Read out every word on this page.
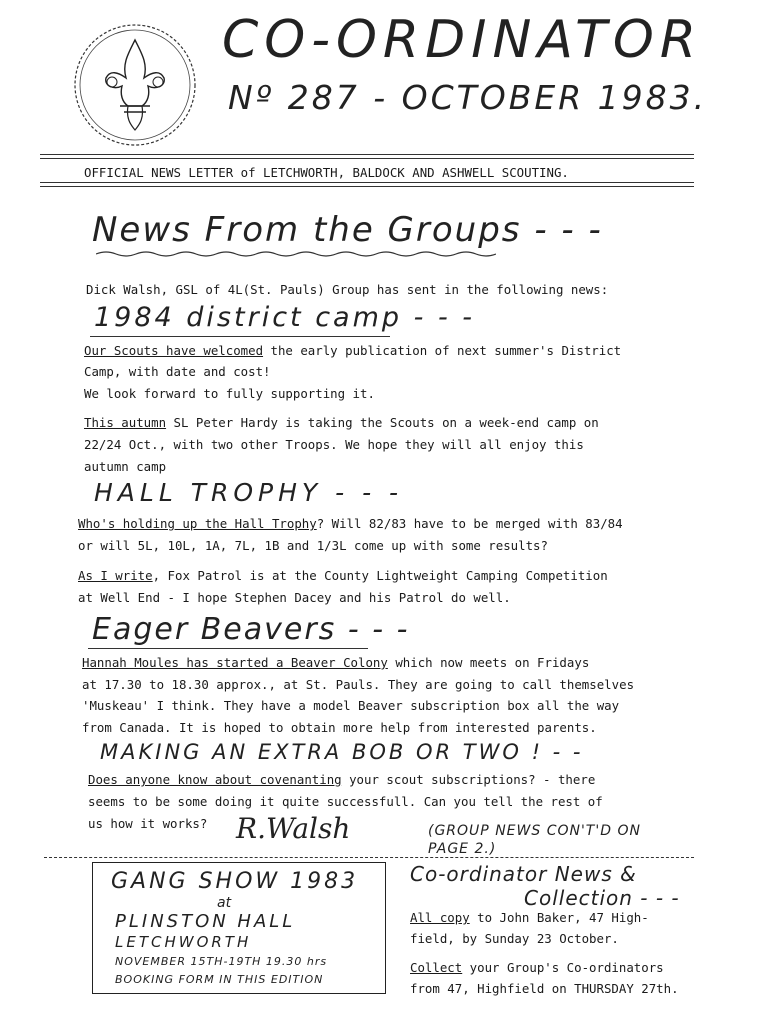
CO-ORDINATOR
Nº 287 - OCTOBER 1983.
OFFICIAL NEWS LETTER of LETCHWORTH, BALDOCK AND ASHWELL SCOUTING.
News From the Groups - - -
Dick Walsh, GSL of 4L(St. Pauls) Group has sent in the following news:
1984 district camp - - -
Our Scouts have welcomed the early publication of next summer's District
Camp, with date and cost!
We look forward to fully supporting it.
This autumn SL Peter Hardy is taking the Scouts on a week-end camp on
22/24 Oct., with two other Troops. We hope they will all enjoy this
autumn camp
HALL TROPHY - - -
Who's holding up the Hall Trophy? Will 82/83 have to be merged with 83/84
or will 5L, 10L, 1A, 7L, 1B and 1/3L come up with some results?
As I write, Fox Patrol is at the County Lightweight Camping Competition
at Well End - I hope Stephen Dacey and his Patrol do well.
Eager Beavers - - -
Hannah Moules has started a Beaver Colony which now meets on Fridays
at 17.30 to 18.30 approx., at St. Pauls. They are going to call themselves
'Muskeau' I think. They have a model Beaver subscription box all the way
from Canada. It is hoped to obtain more help from interested parents.
MAKING AN EXTRA BOB OR TWO ! - -
Does anyone know about covenanting your scout subscriptions? - there
seems to be some doing it quite successfull. Can you tell the rest of
us how it works? R.Walsh	(GROUP NEWS CON'T'D ON PAGE 2.)
GANG SHOW 1983
at
PLINSTON HALL
LETCHWORTH
NOVEMBER 15TH-19TH 19.30 hrs
BOOKING FORM IN THIS EDITION
Co-ordinator News &
Collection - - -
All copy to John Baker, 47 High-
field, by Sunday 23 October.
Collect your Group's Co-ordinators
from 47, Highfield on THURSDAY 27th.
